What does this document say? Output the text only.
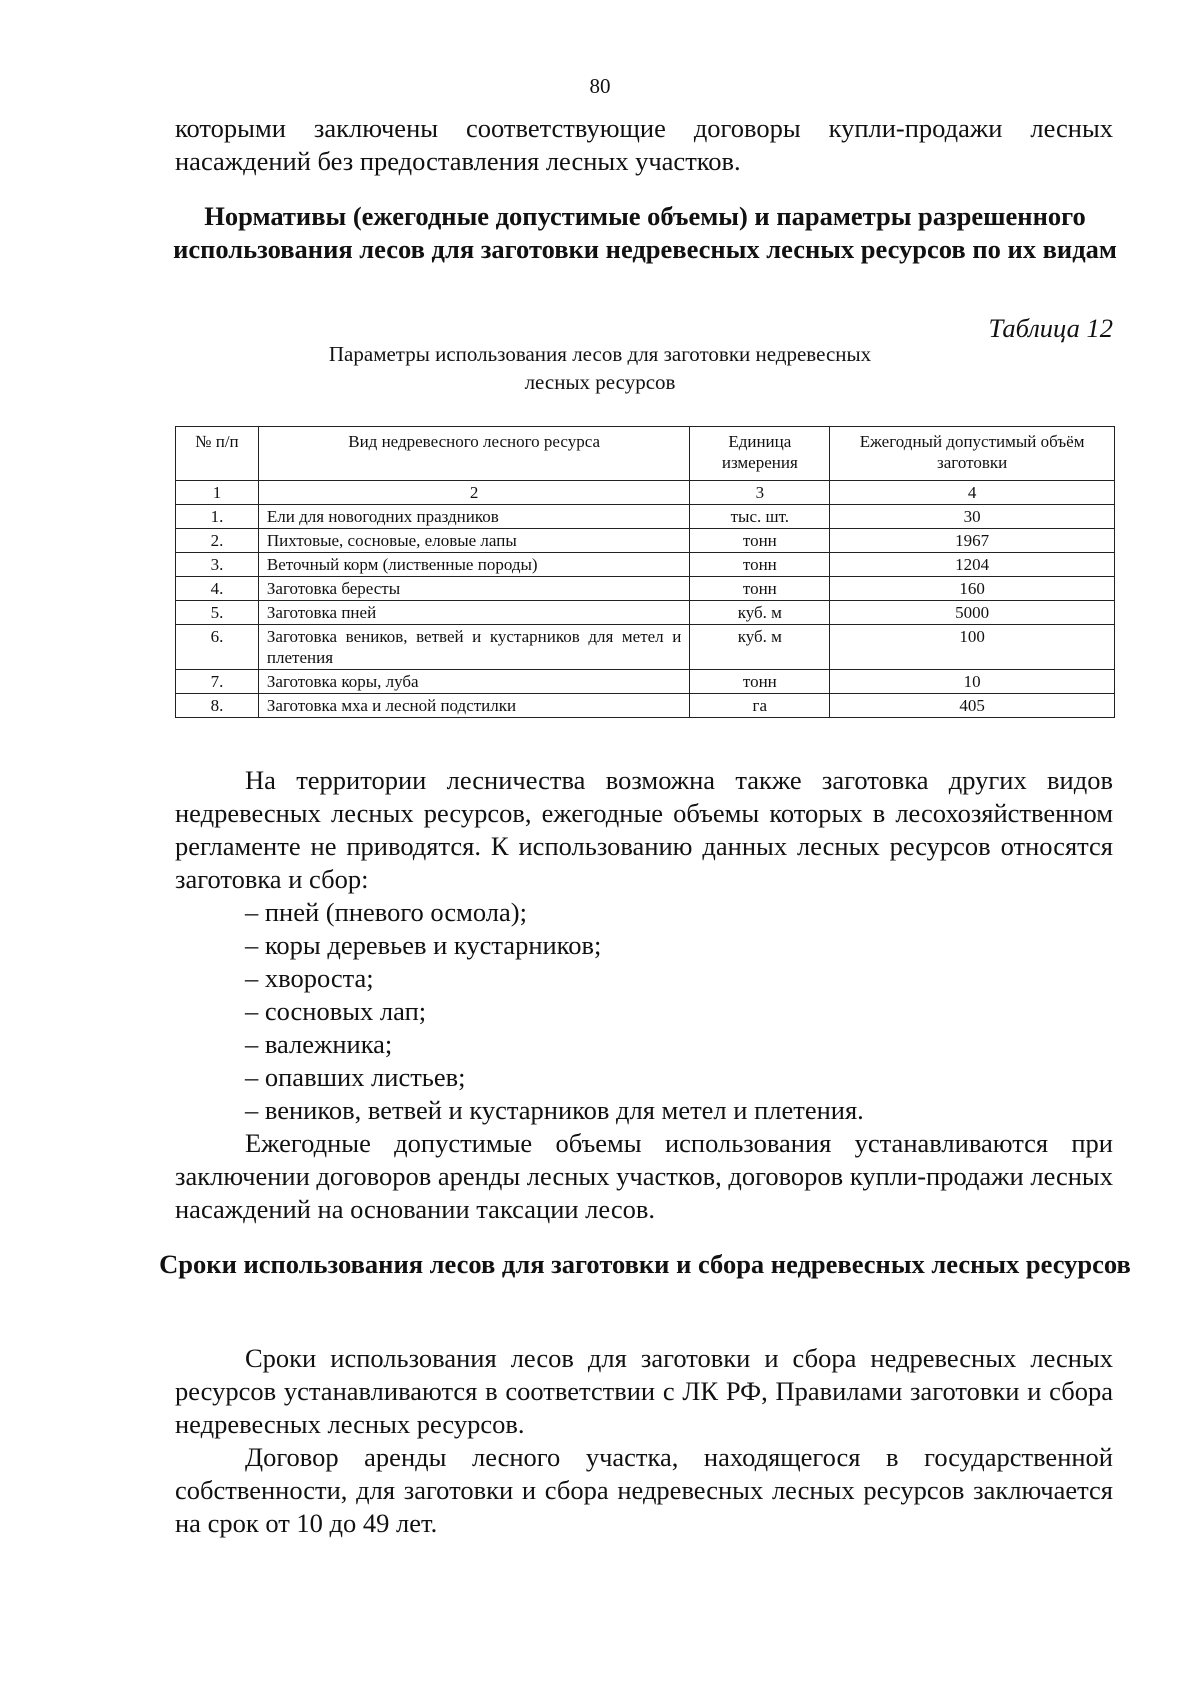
80
которыми заключены соответствующие договоры купли-продажи лесных насаждений без предоставления лесных участков.
Нормативы (ежегодные допустимые объемы) и параметры разрешенного использования лесов для заготовки недревесных лесных ресурсов по их видам
Таблица 12
Параметры использования лесов для заготовки недревесных лесных ресурсов
№ п/п	Вид недревесного лесного ресурса	Единица измерения	Ежегодный допустимый объём заготовки
1	2	3	4
1.	Ели для новогодних праздников	тыс. шт.	30
2.	Пихтовые, сосновые, еловые лапы	тонн	1967
3.	Веточный корм (лиственные породы)	тонн	1204
4.	Заготовка бересты	тонн	160
5.	Заготовка пней	куб. м	5000
6.	Заготовка веников, ветвей и кустарников для метел и плетения	куб. м	100
7.	Заготовка коры, луба	тонн	10
8.	Заготовка мха и лесной подстилки	га	405
На территории лесничества возможна также заготовка других видов недревесных лесных ресурсов, ежегодные объемы которых в лесохозяйственном регламенте не приводятся. К использованию данных лесных ресурсов относятся заготовка и сбор:
– пней (пневого осмола);
– коры деревьев и кустарников;
– хвороста;
– сосновых лап;
– валежника;
– опавших листьев;
– веников, ветвей и кустарников для метел и плетения.
Ежегодные допустимые объемы использования устанавливаются при заключении договоров аренды лесных участков, договоров купли-продажи лесных насаждений на основании таксации лесов.
Сроки использования лесов для заготовки и сбора недревесных лесных ресурсов
Сроки использования лесов для заготовки и сбора недревесных лесных ресурсов устанавливаются в соответствии с ЛК РФ, Правилами заготовки и сбора недревесных лесных ресурсов.
Договор аренды лесного участка, находящегося в государственной собственности, для заготовки и сбора недревесных лесных ресурсов заключается на срок от 10 до 49 лет.
